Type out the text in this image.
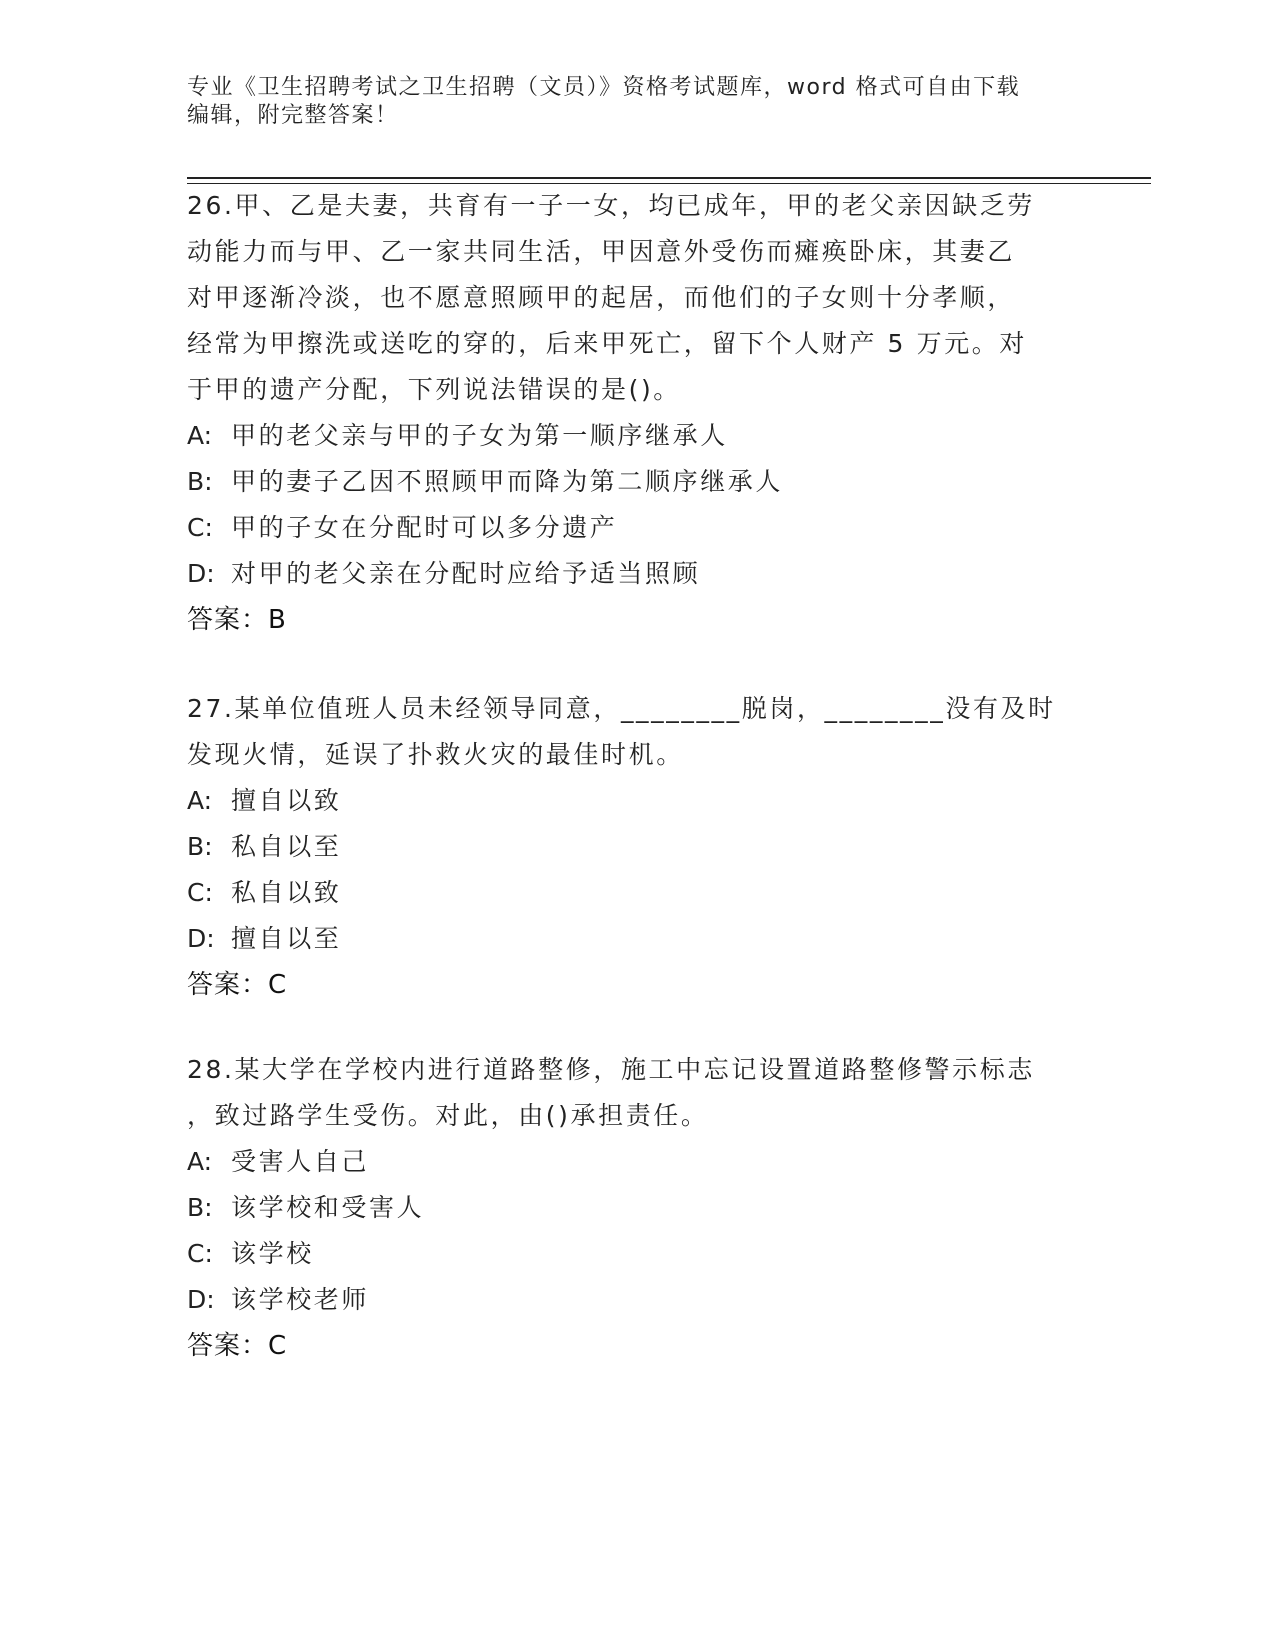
专业《卫生招聘考试之卫生招聘（文员）》资格考试题库，word 格式可自由下载
编辑，附完整答案！
26.甲、乙是夫妻，共育有一子一女，均已成年，甲的老父亲因缺乏劳
动能力而与甲、乙一家共同生活，甲因意外受伤而瘫痪卧床，其妻乙
对甲逐渐冷淡，也不愿意照顾甲的起居，而他们的子女则十分孝顺，
经常为甲擦洗或送吃的穿的，后来甲死亡，留下个人财产 5 万元。对
于甲的遗产分配，下列说法错误的是()。
A: 甲的老父亲与甲的子女为第一顺序继承人
B: 甲的妻子乙因不照顾甲而降为第二顺序继承人
C: 甲的子女在分配时可以多分遗产
D: 对甲的老父亲在分配时应给予适当照顾
答案：B
27.某单位值班人员未经领导同意，________脱岗，________没有及时
发现火情，延误了扑救火灾的最佳时机。
A: 擅自以致
B: 私自以至
C: 私自以致
D: 擅自以至
答案：C
28.某大学在学校内进行道路整修，施工中忘记设置道路整修警示标志
，致过路学生受伤。对此，由()承担责任。
A: 受害人自己
B: 该学校和受害人
C: 该学校
D: 该学校老师
答案：C
